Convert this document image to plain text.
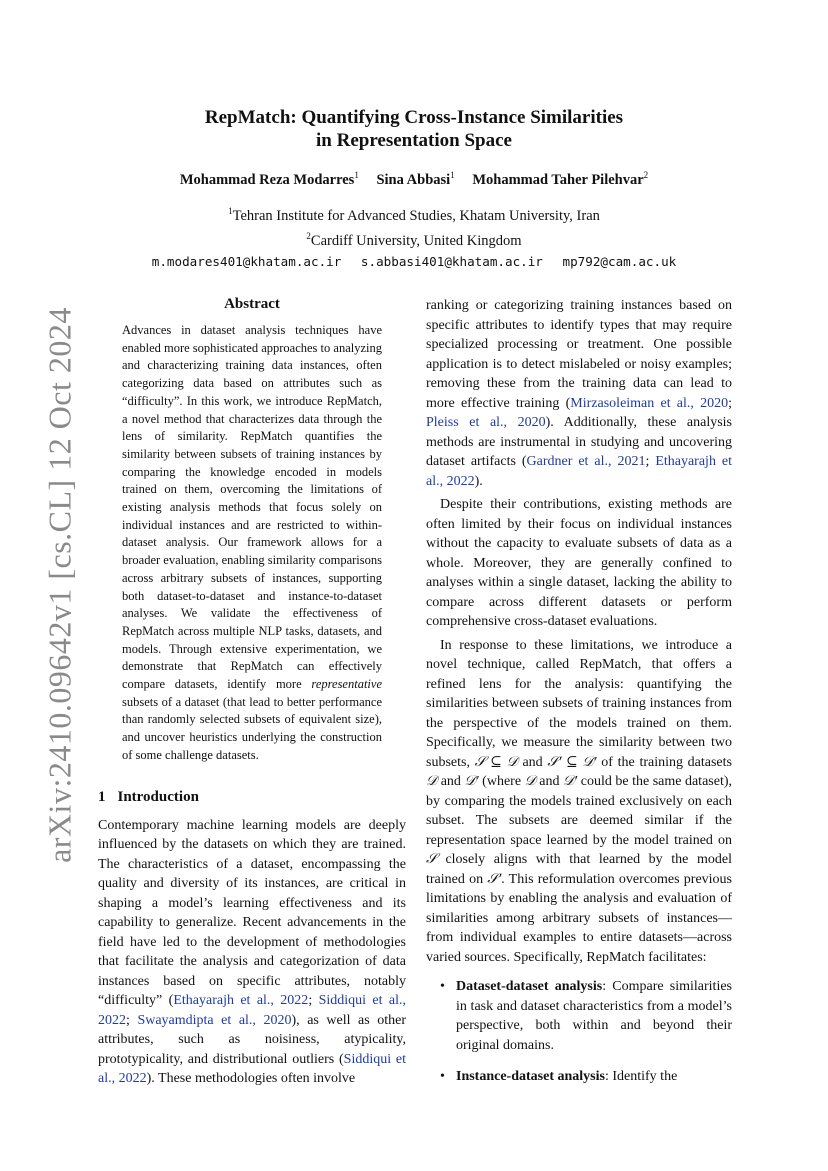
arXiv:2410.09642v1 [cs.CL] 12 Oct 2024
RepMatch: Quantifying Cross-Instance Similarities
in Representation Space
Mohammad Reza Modarres$^1$ Sina Abbasi$^1$ Mohammad Taher Pilehvar$^2$
$^1$Tehran Institute for Advanced Studies, Khatam University, Iran
$^2$Cardiff University, United Kingdom
m.modares401@khatam.ac.ir s.abbasi401@khatam.ac.ir mp792@cam.ac.uk
Abstract

Advances in dataset analysis techniques have enabled more sophisticated approaches to analyzing and characterizing training data instances, often categorizing data based on attributes such as “difficulty”. In this work, we introduce RepMatch, a novel method that characterizes data through the lens of similarity. RepMatch quantifies the similarity between subsets of training instances by comparing the knowledge encoded in models trained on them, overcoming the limitations of existing analysis methods that focus solely on individual instances and are restricted to within-dataset analysis. Our framework allows for a broader evaluation, enabling similarity comparisons across arbitrary subsets of instances, supporting both dataset-to-dataset and instance-to-dataset analyses. We validate the effectiveness of RepMatch across multiple NLP tasks, datasets, and models. Through extensive experimentation, we demonstrate that RepMatch can effectively compare datasets, identify more representative subsets of a dataset (that lead to better performance than randomly selected subsets of equivalent size), and uncover heuristics underlying the construction of some challenge datasets.

1 Introduction

Contemporary machine learning models are deeply influenced by the datasets on which they are trained. The characteristics of a dataset, encompassing the quality and diversity of its instances, are critical in shaping a model’s learning effectiveness and its capability to generalize. Recent advancements in the field have led to the development of methodologies that facilitate the analysis and categorization of data instances based on specific attributes, notably “difficulty” (Ethayarajh et al., 2022; Siddiqui et al., 2022; Swayamdipta et al., 2020), as well as other attributes, such as noisiness, atypicality, prototypicality, and distributional outliers (Siddiqui et al., 2022). These methodologies often involve

ranking or categorizing training instances based on specific attributes to identify types that may require specialized processing or treatment. One possible application is to detect mislabeled or noisy examples; removing these from the training data can lead to more effective training (Mirzasoleiman et al., 2020; Pleiss et al., 2020). Additionally, these analysis methods are instrumental in studying and uncovering dataset artifacts (Gardner et al., 2021; Ethayarajh et al., 2022).

Despite their contributions, existing methods are often limited by their focus on individual instances without the capacity to evaluate subsets of data as a whole. Moreover, they are generally confined to analyses within a single dataset, lacking the ability to compare across different datasets or perform comprehensive cross-dataset evaluations.

In response to these limitations, we introduce a novel technique, called RepMatch, that offers a refined lens for the analysis: quantifying the similarities between subsets of training instances from the perspective of the models trained on them. Specifically, we measure the similarity between two subsets, 𝒮 ⊆ 𝒟 and 𝒮′ ⊆ 𝒟′ of the training datasets 𝒟 and 𝒟′ (where 𝒟 and 𝒟′ could be the same dataset), by comparing the models trained exclusively on each subset. The subsets are deemed similar if the representation space learned by the model trained on 𝒮 closely aligns with that learned by the model trained on 𝒮′. This reformulation overcomes previous limitations by enabling the analysis and evaluation of similarities among arbitrary subsets of instances—from individual examples to entire datasets—across varied sources. Specifically, RepMatch facilitates:

• Dataset-dataset analysis: Compare similarities in task and dataset characteristics from a model’s perspective, both within and beyond their original domains.
• Instance-dataset analysis: Identify the
